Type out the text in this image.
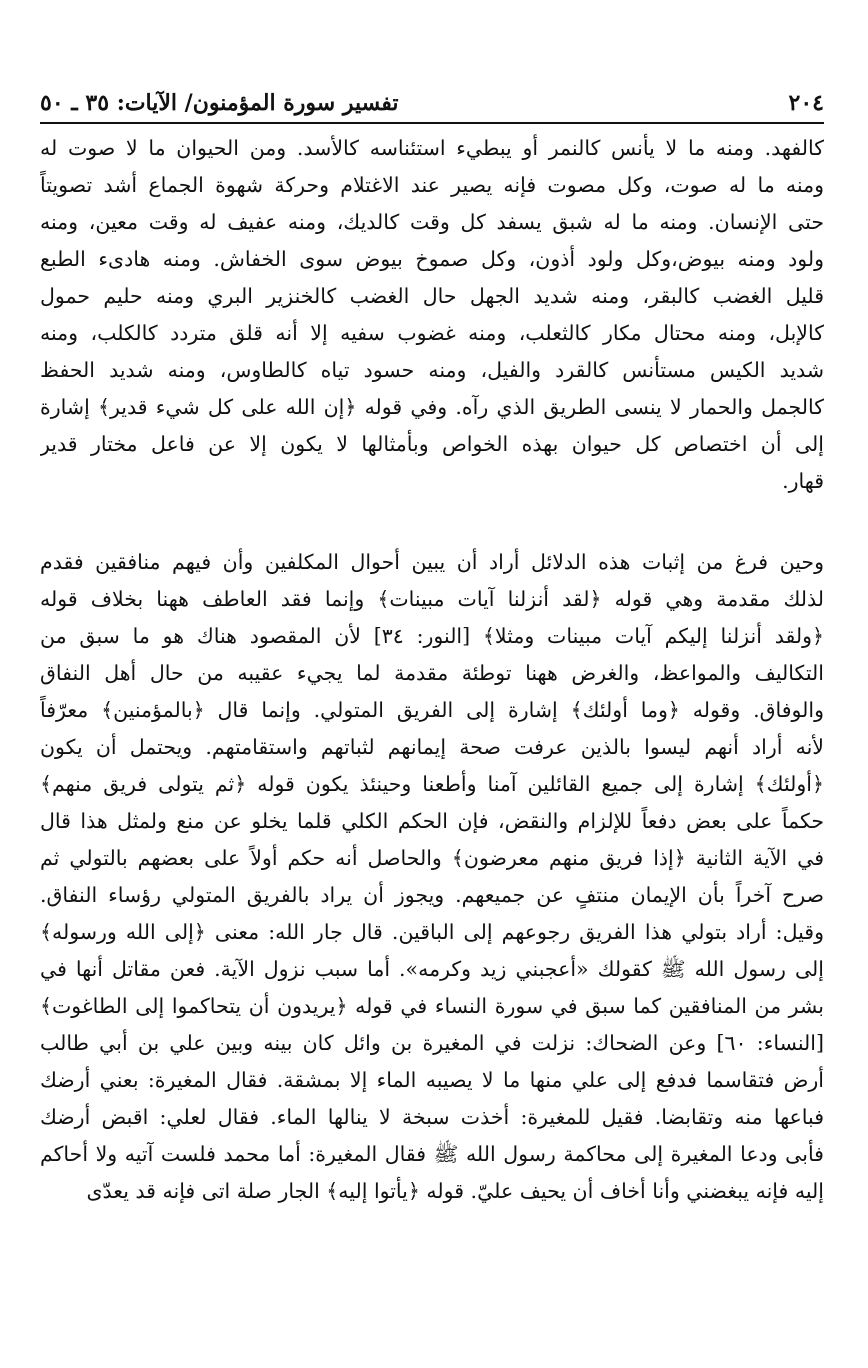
٢٠٤
تفسير سورة المؤمنون/ الآيات: ٣٥ ـ ٥٠
كالفهد. ومنه ما لا يأنس كالنمر أو يبطيء استئناسه كالأسد. ومن الحيوان ما لا صوت له
ومنه ما له صوت، وكل مصوت فإنه يصير عند الاغتلام وحركة شهوة الجماع أشد تصويتاً
حتى الإنسان. ومنه ما له شبق يسفد كل وقت كالديك، ومنه عفيف له وقت معين، ومنه
ولود ومنه بيوض،وكل ولود أذون، وكل صموخ بيوض سوى الخفاش. ومنه هادىء الطبع
قليل الغضب كالبقر، ومنه شديد الجهل حال الغضب كالخنزير البري ومنه حليم حمول
كالإبل، ومنه محتال مكار كالثعلب، ومنه غضوب سفيه إلا أنه قلق متردد كالكلب، ومنه
شديد الكيس مستأنس كالقرد والفيل، ومنه حسود تياه كالطاوس، ومنه شديد الحفظ
كالجمل والحمار لا ينسى الطريق الذي رآه. وفي قوله ﴿إن الله على كل شيء قدير﴾ إشارة
إلى أن اختصاص كل حيوان بهذه الخواص وبأمثالها لا يكون إلا عن فاعل مختار قدير
قهار.
وحين فرغ من إثبات هذه الدلائل أراد أن يبين أحوال المكلفين وأن فيهم منافقين فقدم
لذلك مقدمة وهي قوله ﴿لقد أنزلنا آيات مبينات﴾ وإنما فقد العاطف ههنا بخلاف قوله
﴿ولقد أنزلنا إليكم آيات مبينات ومثلا﴾ [النور: ٣٤] لأن المقصود هناك هو ما سبق من
التكاليف والمواعظ، والغرض ههنا توطئة مقدمة لما يجيء عقيبه من حال أهل النفاق
والوفاق. وقوله ﴿وما أولئك﴾ إشارة إلى الفريق المتولي. وإنما قال ﴿بالمؤمنين﴾ معرّفاً
لأنه أراد أنهم ليسوا بالذين عرفت صحة إيمانهم لثباتهم واستقامتهم. ويحتمل أن يكون
﴿أولئك﴾ إشارة إلى جميع القائلين آمنا وأطعنا وحينئذ يكون قوله ﴿ثم يتولى فريق منهم﴾
حكماً على بعض دفعاً للإلزام والنقض، فإن الحكم الكلي قلما يخلو عن منع ولمثل هذا قال
في الآية الثانية ﴿إذا فريق منهم معرضون﴾ والحاصل أنه حكم أولاً على بعضهم بالتولي ثم
صرح آخراً بأن الإيمان منتفٍ عن جميعهم. ويجوز أن يراد بالفريق المتولي رؤساء النفاق.
وقيل: أراد بتولي هذا الفريق رجوعهم إلى الباقين. قال جار الله: معنى ﴿إلى الله ورسوله﴾
إلى رسول الله ﷺ كقولك «أعجبني زيد وكرمه». أما سبب نزول الآية. فعن مقاتل أنها في
بشر من المنافقين كما سبق في سورة النساء في قوله ﴿يريدون أن يتحاكموا إلى الطاغوت﴾
[النساء: ٦٠] وعن الضحاك: نزلت في المغيرة بن وائل كان بينه وبين علي بن أبي طالب
أرض فتقاسما فدفع إلى علي منها ما لا يصيبه الماء إلا بمشقة. فقال المغيرة: بعني أرضك
فباعها منه وتقابضا. فقيل للمغيرة: أخذت سبخة لا ينالها الماء. فقال لعلي: اقبض أرضك
فأبى ودعا المغيرة إلى محاكمة رسول الله ﷺ فقال المغيرة: أما محمد فلست آتيه ولا أحاكم
إليه فإنه يبغضني وأنا أخاف أن يحيف عليّ. قوله ﴿يأتوا إليه﴾ الجار صلة اتى فإنه قد يعدّى
